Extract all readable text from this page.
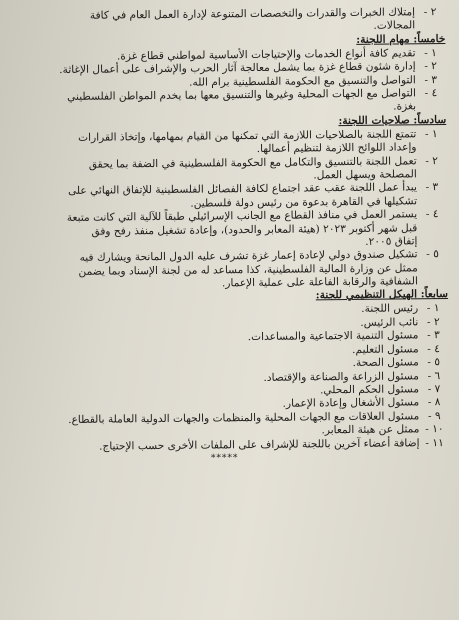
٢ -
إمتلاك الخبرات والقدرات والتخصصات المتنوعة لإدارة العمل العام في كافة
المجالات.
خامساً: مهام اللجنة:
١ -
تقديم كافة أنواع الخدمات والإحتياجات الأساسية لمواطني قطاع غزة.
٢ -
إدارة شئون قطاع غزة بما يشمل معالجة آثار الحرب والإشراف على أعمال الإغاثة.
٣ -
التواصل والتنسيق مع الحكومة الفلسطينية برام الله.
٤ -
التواصل مع الجهات المحلية وغيرها والتنسيق معها بما يخدم المواطن الفلسطيني
بغزة.
سادساً: صلاحيات اللجنة:
١ -
تتمتع اللجنة بالصلاحيات اللازمة التي تمكنها من القيام بمهامها، وإتخاذ القرارات
وإعداد اللوائح اللازمة لتنظيم أعمالها.
٢ -
تعمل اللجنة بالتنسيق والتكامل مع الحكومة الفلسطينية في الضفة بما يحقق
المصلحة ويسهل العمل.
٣ -
يبدأ عمل اللجنة عقب عقد اجتماع لكافة الفصائل الفلسطينية للإتفاق النهائي على
تشكيلها في القاهرة بدعوة من رئيس دولة فلسطين.
٤ -
يستمر العمل في منافذ القطاع مع الجانب الإسرائيلي طبقاً للآلية التي كانت متبعة
قبل شهر أكتوبر ٢٠٢٣ (هيئة المعابر والحدود)، وإعادة تشغيل منفذ رفح وفق
إتفاق ٢٠٠٥.
٥ -
تشكيل صندوق دولي لإعادة إعمار غزة تشرف عليه الدول المانحة ويشارك فيه
ممثل عن وزارة المالية الفلسطينية، كذا مساعد له من لجنة الإسناد وبما يضمن
الشفافية والرقابة الفاعلة على عملية الإعمار.
سابعاً: الهيكل التنظيمي للجنة:
١ -
رئيس اللجنة.
٢ -
نائب الرئيس.
٣ -
مسئول التنمية الاجتماعية والمساعدات.
٤ -
مسئول التعليم.
٥ -
مسئول الصحة.
٦ -
مسئول الزراعة والصناعة والإقتصاد.
٧ -
مسئول الحكم المحلي.
٨ -
مسئول الأشغال وإعادة الإعمار.
٩ -
مسئول العلاقات مع الجهات المحلية والمنظمات والجهات الدولية العاملة بالقطاع.
١٠ -
ممثل عن هيئة المعابر.
١١ -
إضافة أعضاء آخرين باللجنة للإشراف على الملفات الأخرى حسب الإحتياج.
*****
